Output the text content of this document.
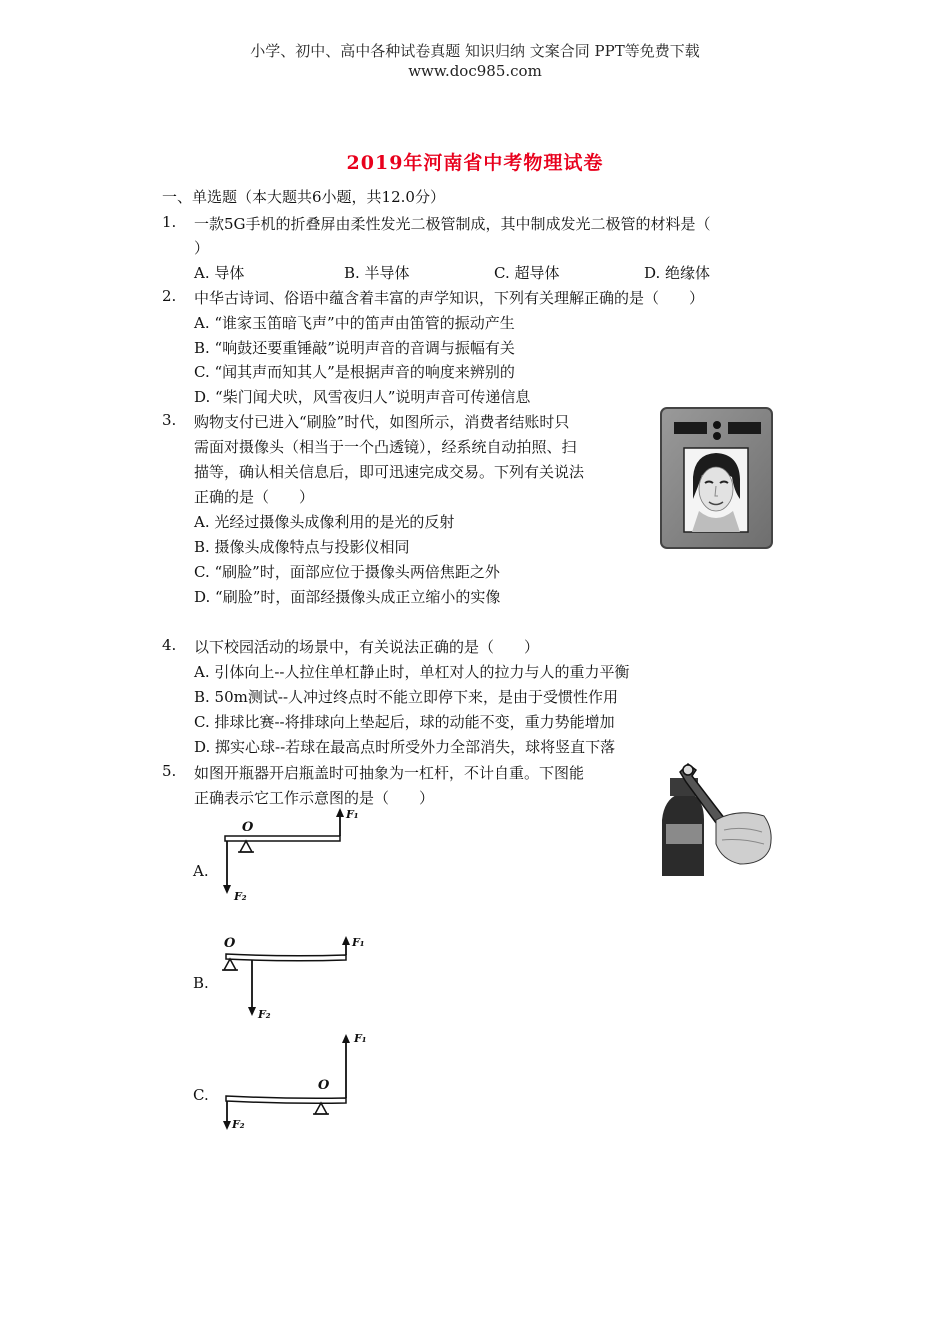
小学、初中、高中各种试卷真题 知识归纳 文案合同 PPT等免费下载
www.doc985.com
2019年河南省中考物理试卷
一、单选题（本大题共6小题，共12.0分）
1. 一款5G手机的折叠屏由柔性发光二极管制成，其中制成发光二极管的材料是（
）
A. 导体	B. 半导体	C. 超导体	D. 绝缘体
2. 中华古诗词、俗语中蕴含着丰富的声学知识，下列有关理解正确的是（　　）
A. “谁家玉笛暗飞声”中的笛声由笛管的振动产生
B. “响鼓还要重锤敲”说明声音的音调与振幅有关
C. “闻其声而知其人”是根据声音的响度来辨别的
D. “柴门闻犬吠，风雪夜归人”说明声音可传递信息
3. 购物支付已进入“刷脸”时代，如图所示，消费者结账时只
需面对摄像头（相当于一个凸透镜），经系统自动拍照、扫
描等，确认相关信息后，即可迅速完成交易。下列有关说法
正确的是（　　）
A. 光经过摄像头成像利用的是光的反射
B. 摄像头成像特点与投影仪相同
C. “刷脸”时，面部应位于摄像头两倍焦距之外
D. “刷脸”时，面部经摄像头成正立缩小的实像
4. 以下校园活动的场景中，有关说法正确的是（　　）
A. 引体向上--人拉住单杠静止时，单杠对人的拉力与人的重力平衡
B. 50m测试--人冲过终点时不能立即停下来，是由于受惯性作用
C. 排球比赛--将排球向上垫起后，球的动能不变，重力势能增加
D. 掷实心球--若球在最高点时所受外力全部消失，球将竖直下落
5. 如图开瓶器开启瓶盖时可抽象为一杠杆，不计自重。下图能
正确表示它工作示意图的是（　　）
A.
O
F₁
F₂
B.
O	F₁
F₂
C.
O
F₁
F₂
